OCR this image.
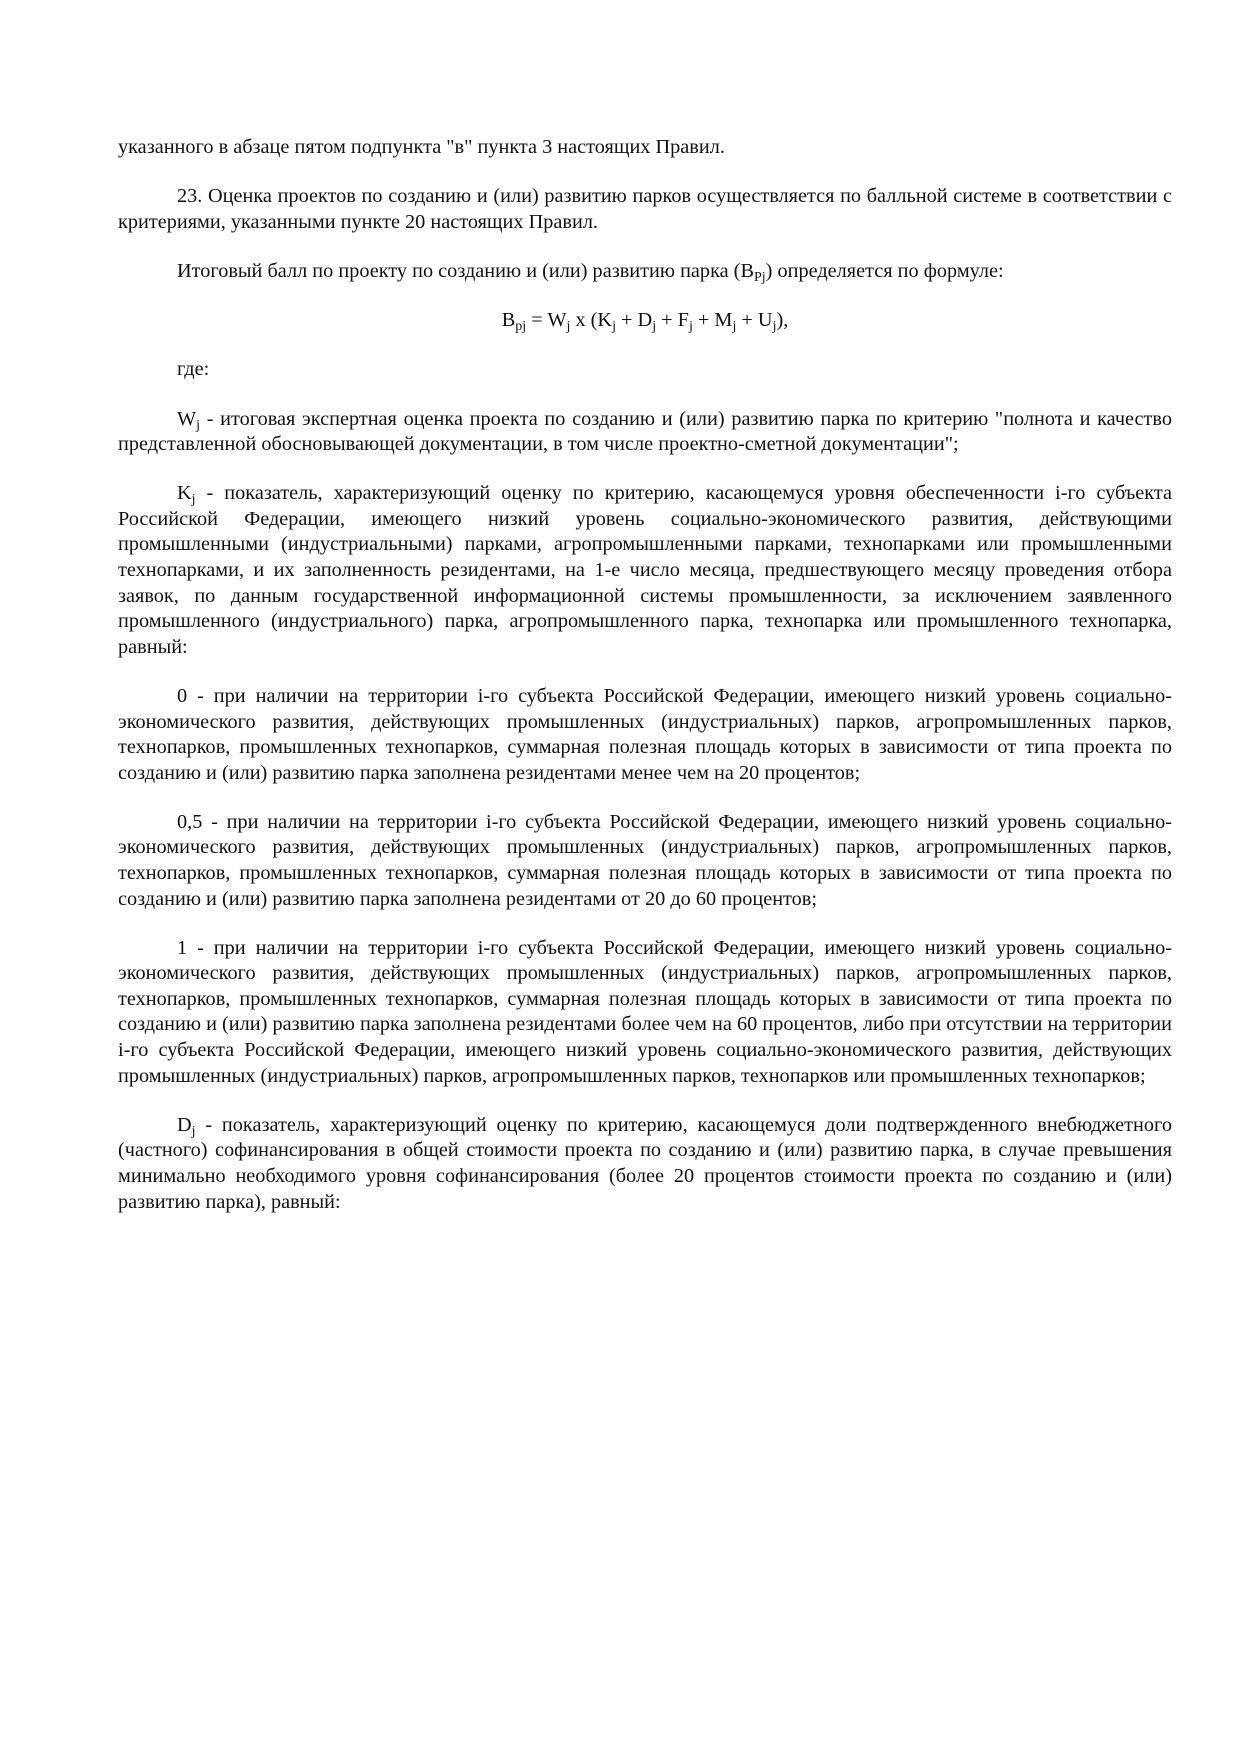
указанного в абзаце пятом подпункта "в" пункта 3 настоящих Правил.

23. Оценка проектов по созданию и (или) развитию парков осуществляется по балльной системе в соответствии с критериями, указанными пункте 20 настоящих Правил.

Итоговый балл по проекту по созданию и (или) развитию парка $(B_{Pj})$ определяется по формуле:

$B_{pj} = W_j$ x $(K_j + D_j + F_j + M_j + U_j)$,

где:

$W_j$ - итоговая экспертная оценка проекта по созданию и (или) развитию парка по критерию "полнота и качество представленной обосновывающей документации, в том числе проектно-сметной документации";

$K_j$ - показатель, характеризующий оценку по критерию, касающемуся уровня обеспеченности i-го субъекта Российской Федерации, имеющего низкий уровень социально-экономического развития, действующими промышленными (индустриальными) парками, агропромышленными парками, технопарками или промышленными технопарками, и их заполненность резидентами, на 1-е число месяца, предшествующего месяцу проведения отбора заявок, по данным государственной информационной системы промышленности, за исключением заявленного промышленного (индустриального) парка, агропромышленного парка, технопарка или промышленного технопарка, равный:

0 - при наличии на территории i-го субъекта Российской Федерации, имеющего низкий уровень социально-экономического развития, действующих промышленных (индустриальных) парков, агропромышленных парков, технопарков, промышленных технопарков, суммарная полезная площадь которых в зависимости от типа проекта по созданию и (или) развитию парка заполнена резидентами менее чем на 20 процентов;

0,5 - при наличии на территории i-го субъекта Российской Федерации, имеющего низкий уровень социально-экономического развития, действующих промышленных (индустриальных) парков, агропромышленных парков, технопарков, промышленных технопарков, суммарная полезная площадь которых в зависимости от типа проекта по созданию и (или) развитию парка заполнена резидентами от 20 до 60 процентов;

1 - при наличии на территории i-го субъекта Российской Федерации, имеющего низкий уровень социально-экономического развития, действующих промышленных (индустриальных) парков, агропромышленных парков, технопарков, промышленных технопарков, суммарная полезная площадь которых в зависимости от типа проекта по созданию и (или) развитию парка заполнена резидентами более чем на 60 процентов, либо при отсутствии на территории i-го субъекта Российской Федерации, имеющего низкий уровень социально-экономического развития, действующих промышленных (индустриальных) парков, агропромышленных парков, технопарков или промышленных технопарков;

$D_j$ - показатель, характеризующий оценку по критерию, касающемуся доли подтвержденного внебюджетного (частного) софинансирования в общей стоимости проекта по созданию и (или) развитию парка, в случае превышения минимально необходимого уровня софинансирования (более 20 процентов стоимости проекта по созданию и (или) развитию парка), равный:
